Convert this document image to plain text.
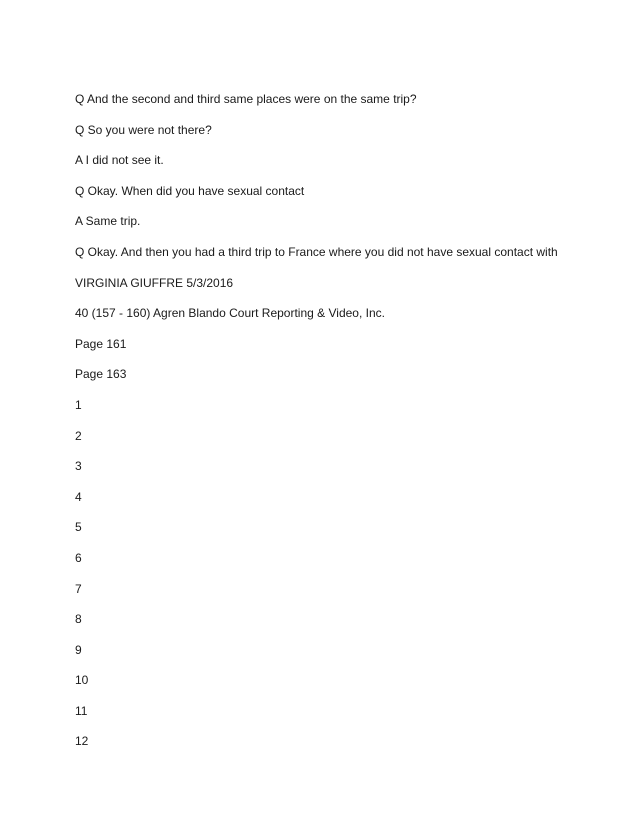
Q And the second and third same places were on the same trip?
Q So you were not there?
A I did not see it.
Q Okay. When did you have sexual contact
A Same trip.
Q Okay. And then you had a third trip to France where you did not have sexual contact with
VIRGINIA GIUFFRE 5/3/2016
40 (157 - 160) Agren Blando Court Reporting & Video, Inc.
Page 161
Page 163
1
2
3
4
5
6
7
8
9
10
11
12
